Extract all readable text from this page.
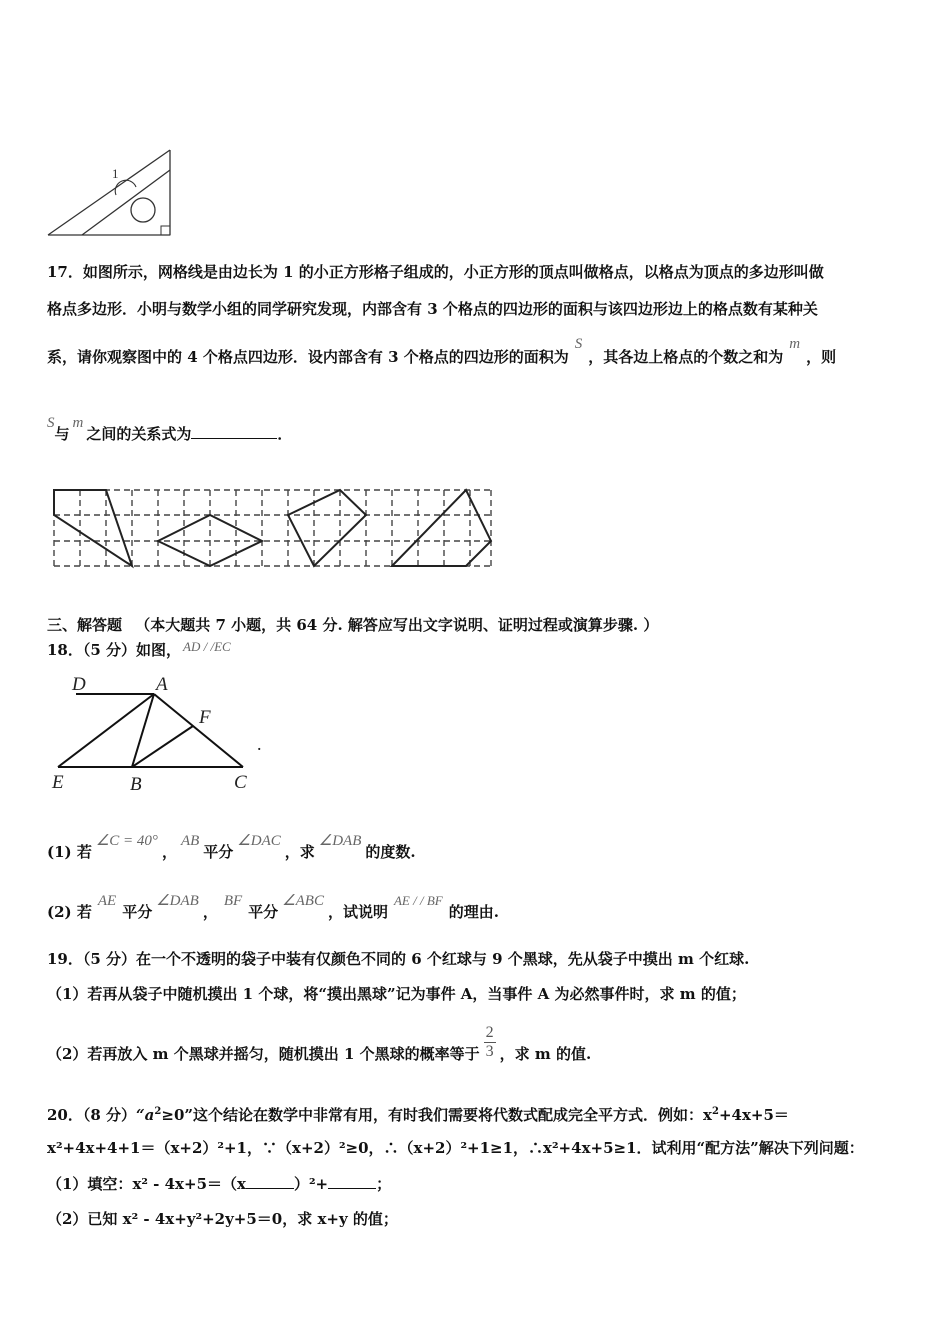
1
17．如图所示，网格线是由边长为 1 的小正方形格子组成的，小正方形的顶点叫做格点，以格点为顶点的多边形叫做
格点多边形．小明与数学小组的同学研究发现，内部含有 3 个格点的四边形的面积与该四边形边上的格点数有某种关
系，请你观察图中的 4 个格点四边形．设内部含有 3 个格点的四边形的面积为S，其各边上格点的个数之和为m，则
S与m之间的关系式为	．
三、解答题 （本大题共 7 小题，共 64 分. 解答应写出文字说明、证明过程或演算步骤. ）
18．（5 分）如图， AD / /EC
D	A
F
E	B	C
.
(1) 若∠C = 40°，AB平分∠DAC，求∠DAB的度数.
(2) 若AE平分∠DAB，BF平分∠ABC，试说明AE / / BF的理由.
19．（5 分）在一个不透明的袋子中装有仅颜色不同的 6 个红球与 9 个黑球，先从袋子中摸出 m 个红球.
（1）若再从袋子中随机摸出 1 个球，将“摸出黑球”记为事件 A，当事件 A 为必然事件时，求 m 的值；
（2）若再放入 m 个黑球并摇匀，随机摸出 1 个黑球的概率等于 $\frac{2}{3}$ ，求 m 的值.
20．（8 分）“$a^2\ge 0$”这个结论在数学中非常有用，有时我们需要将代数式配成完全平方式．例如：$x^2+4x+5=$
x²+4x+4+1＝（x+2）²+1，∵（x+2）²≥0，∴（x+2）²+1≥1，∴x²+4x+5≥1．试利用“配方法”解决下列问题：
（1）填空：x² ‑ 4x+5＝（x	）²+	；
（2）已知 x² ‑ 4x+y²+2y+5＝0，求 x+y 的值；
